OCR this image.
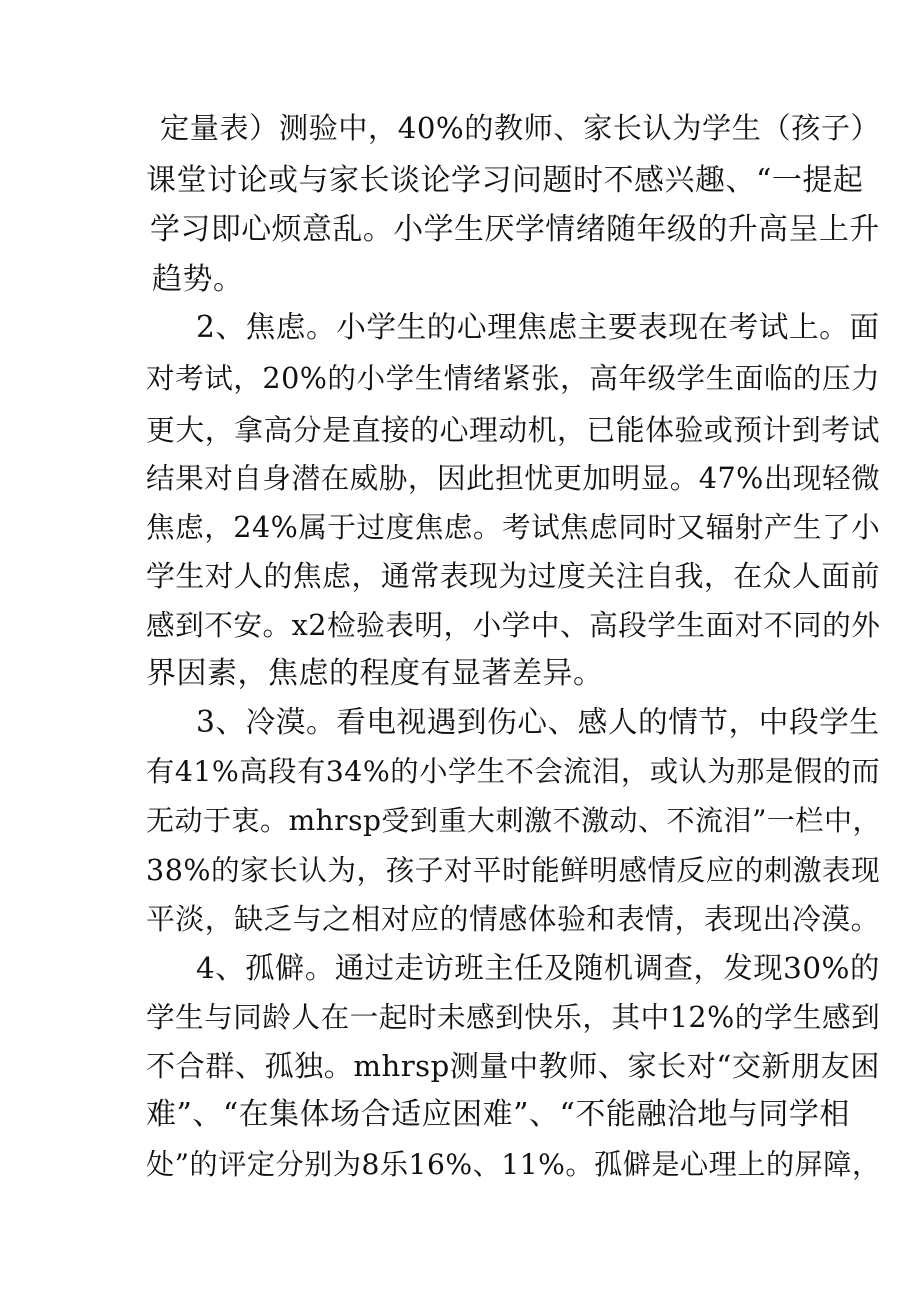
定量表）测验中，40%的教师、家长认为学生（孩子）
课堂讨论或与家长谈论学习问题时不感兴趣、“一提起
学习即心烦意乱。小学生厌学情绪随年级的升高呈上升
趋势。
2、焦虑。小学生的心理焦虑主要表现在考试上。面
对考试，20%的小学生情绪紧张，高年级学生面临的压力
更大，拿高分是直接的心理动机，已能体验或预计到考试
结果对自身潜在威胁，因此担忧更加明显。47%出现轻微
焦虑，24%属于过度焦虑。考试焦虑同时又辐射产生了小
学生对人的焦虑，通常表现为过度关注自我，在众人面前
感到不安。x2检验表明，小学中、高段学生面对不同的外
界因素，焦虑的程度有显著差异。
3、冷漠。看电视遇到伤心、感人的情节，中段学生
有41%高段有34%的小学生不会流泪，或认为那是假的而
无动于衷。mhrsp受到重大刺激不激动、不流泪”一栏中，
38%的家长认为，孩子对平时能鲜明感情反应的刺激表现
平淡，缺乏与之相对应的情感体验和表情，表现出冷漠。
4、孤僻。通过走访班主任及随机调查，发现30%的
学生与同龄人在一起时未感到快乐，其中12%的学生感到
不合群、孤独。mhrsp测量中教师、家长对“交新朋友困
难”、“在集体场合适应困难”、“不能融洽地与同学相
处”的评定分别为8乐16%、11%。孤僻是心理上的屏障，
